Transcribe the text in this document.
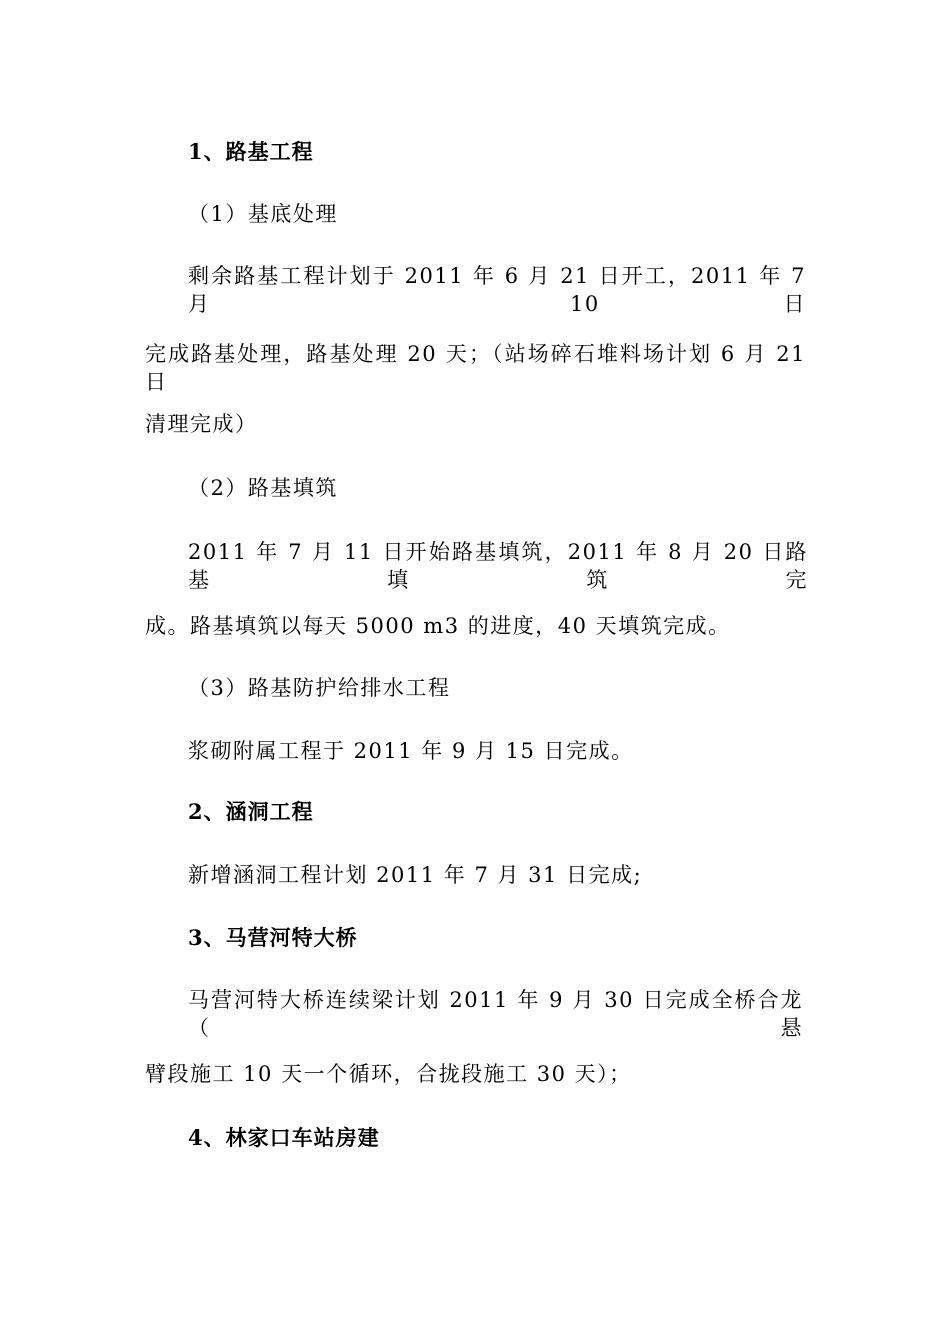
1、路基工程
（1）基底处理
剩余路基工程计划于 2011 年 6 月 21 日开工，2011 年 7 月 10 日
完成路基处理，路基处理 20 天；（站场碎石堆料场计划 6 月 21 日
清理完成）
（2）路基填筑
2011 年 7 月 11 日开始路基填筑，2011 年 8 月 20 日路基填筑完
成。路基填筑以每天 5000 m3 的进度，40 天填筑完成。
（3）路基防护给排水工程
浆砌附属工程于 2011 年 9 月 15 日完成。
2、涵洞工程
新增涵洞工程计划 2011 年 7 月 31 日完成;
3、马营河特大桥
马营河特大桥连续梁计划 2011 年 9 月 30 日完成全桥合龙（悬
臂段施工 10 天一个循环，合拢段施工 30 天）；
4、林家口车站房建
